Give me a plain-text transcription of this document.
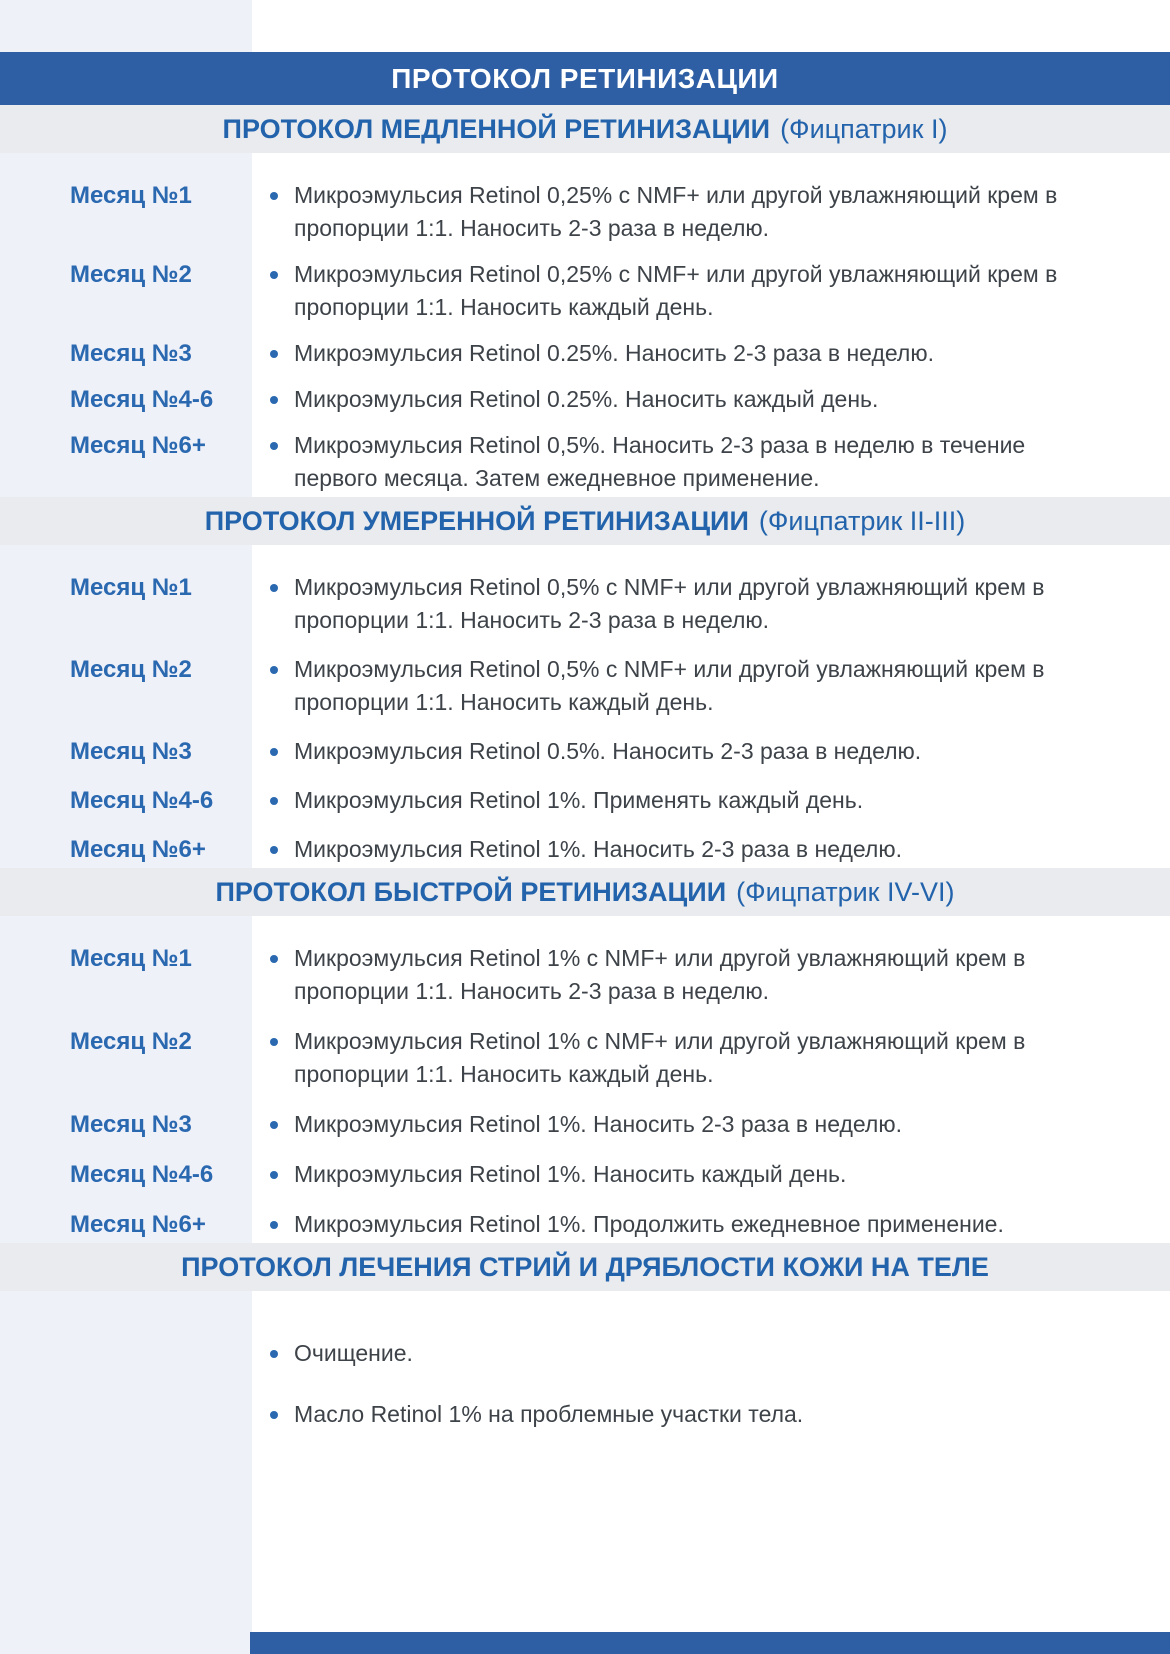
ПРОТОКОЛ РЕТИНИЗАЦИИ
ПРОТОКОЛ МЕДЛЕННОЙ РЕТИНИЗАЦИИ (Фицпатрик I)
Месяц №1	Микроэмульсия Retinol 0,25% с NMF+ или другой увлажняющий крем в пропорции 1:1. Наносить 2-3 раза в неделю.
Месяц №2	Микроэмульсия Retinol 0,25% с NMF+ или другой увлажняющий крем в пропорции 1:1. Наносить каждый день.
Месяц №3	Микроэмульсия Retinol 0.25%. Наносить 2-3 раза в неделю.
Месяц №4-6	Микроэмульсия Retinol 0.25%. Наносить каждый день.
Месяц №6+	Микроэмульсия Retinol 0,5%. Наносить 2-3 раза в неделю в течение первого месяца. Затем ежедневное применение.
ПРОТОКОЛ УМЕРЕННОЙ РЕТИНИЗАЦИИ (Фицпатрик II-III)
Месяц №1	Микроэмульсия Retinol 0,5% с NMF+ или другой увлажняющий крем в пропорции 1:1. Наносить 2-3 раза в неделю.
Месяц №2	Микроэмульсия Retinol 0,5% с NMF+ или другой увлажняющий крем в пропорции 1:1. Наносить каждый день.
Месяц №3	Микроэмульсия Retinol 0.5%. Наносить 2-3 раза в неделю.
Месяц №4-6	Микроэмульсия Retinol 1%. Применять каждый день.
Месяц №6+	Микроэмульсия Retinol 1%. Наносить 2-3 раза в неделю.
ПРОТОКОЛ БЫСТРОЙ РЕТИНИЗАЦИИ (Фицпатрик IV-VI)
Месяц №1	Микроэмульсия Retinol 1% с NMF+ или другой увлажняющий крем в пропорции 1:1. Наносить 2-3 раза в неделю.
Месяц №2	Микроэмульсия Retinol 1% с NMF+ или другой увлажняющий крем в пропорции 1:1. Наносить каждый день.
Месяц №3	Микроэмульсия Retinol 1%. Наносить 2-3 раза в неделю.
Месяц №4-6	Микроэмульсия Retinol 1%. Наносить каждый день.
Месяц №6+	Микроэмульсия Retinol 1%. Продолжить ежедневное применение.
ПРОТОКОЛ ЛЕЧЕНИЯ СТРИЙ И ДРЯБЛОСТИ КОЖИ НА ТЕЛЕ
Очищение.
Масло Retinol 1% на проблемные участки тела.
